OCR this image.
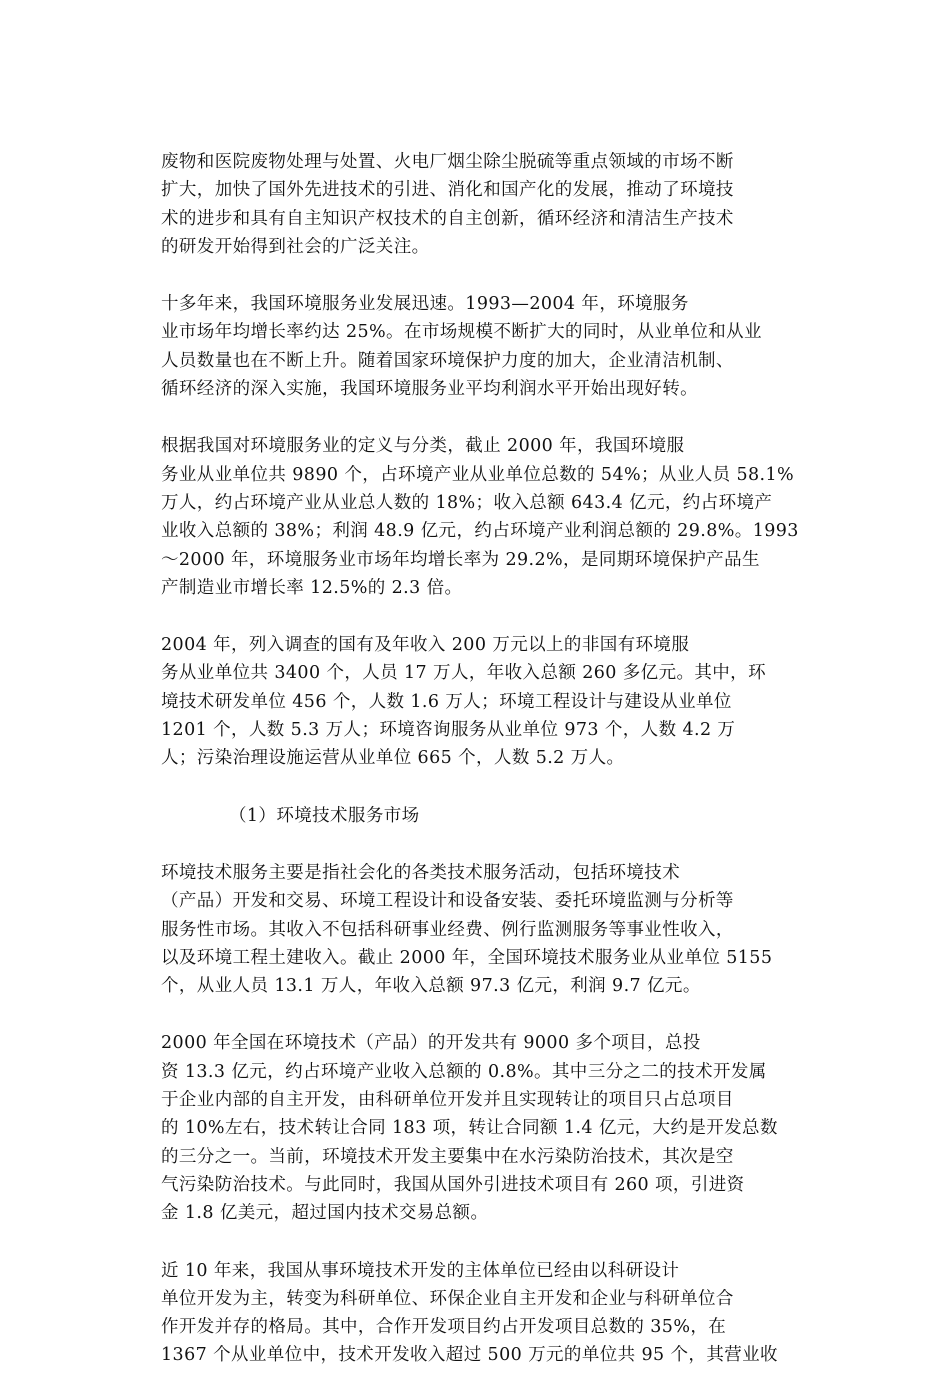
废物和医院废物处理与处置、火电厂烟尘除尘脱硫等重点领域的市场不断
扩大，加快了国外先进技术的引进、消化和国产化的发展，推动了环境技
术的进步和具有自主知识产权技术的自主创新，循环经济和清洁生产技术
的研发开始得到社会的广泛关注。

十多年来，我国环境服务业发展迅速。1993—2004 年，环境服务
业市场年均增长率约达 25%。在市场规模不断扩大的同时，从业单位和从业
人员数量也在不断上升。随着国家环境保护力度的加大，企业清洁机制、
循环经济的深入实施，我国环境服务业平均利润水平开始出现好转。

根据我国对环境服务业的定义与分类，截止 2000 年，我国环境服
务业从业单位共 9890 个，占环境产业从业单位总数的 54%；从业人员 58.1%
万人，约占环境产业从业总人数的 18%；收入总额 643.4 亿元，约占环境产
业收入总额的 38%；利润 48.9 亿元，约占环境产业利润总额的 29.8%。1993
～2000 年，环境服务业市场年均增长率为 29.2%，是同期环境保护产品生
产制造业市增长率 12.5%的 2.3 倍。

2004 年，列入调查的国有及年收入 200 万元以上的非国有环境服
务从业单位共 3400 个，人员 17 万人，年收入总额 260 多亿元。其中，环
境技术研发单位 456 个，人数 1.6 万人；环境工程设计与建设从业单位
1201 个，人数 5.3 万人；环境咨询服务从业单位 973 个，人数 4.2 万
人；污染治理设施运营从业单位 665 个，人数 5.2 万人。

（1）环境技术服务市场

环境技术服务主要是指社会化的各类技术服务活动，包括环境技术
（产品）开发和交易、环境工程设计和设备安装、委托环境监测与分析等
服务性市场。其收入不包括科研事业经费、例行监测服务等事业性收入，
以及环境工程土建收入。截止 2000 年，全国环境技术服务业从业单位 5155
个，从业人员 13.1 万人，年收入总额 97.3 亿元，利润 9.7 亿元。

2000 年全国在环境技术（产品）的开发共有 9000 多个项目，总投
资 13.3 亿元，约占环境产业收入总额的 0.8%。其中三分之二的技术开发属
于企业内部的自主开发，由科研单位开发并且实现转让的项目只占总项目
的 10%左右，技术转让合同 183 项，转让合同额 1.4 亿元，大约是开发总数
的三分之一。当前，环境技术开发主要集中在水污染防治技术，其次是空
气污染防治技术。与此同时，我国从国外引进技术项目有 260 项，引进资
金 1.8 亿美元，超过国内技术交易总额。

近 10 年来，我国从事环境技术开发的主体单位已经由以科研设计
单位开发为主，转变为科研单位、环保企业自主开发和企业与科研单位合
作开发并存的格局。其中，合作开发项目约占开发项目总数的 35%，在
1367 个从业单位中，技术开发收入超过 500 万元的单位共 95 个，其营业收
